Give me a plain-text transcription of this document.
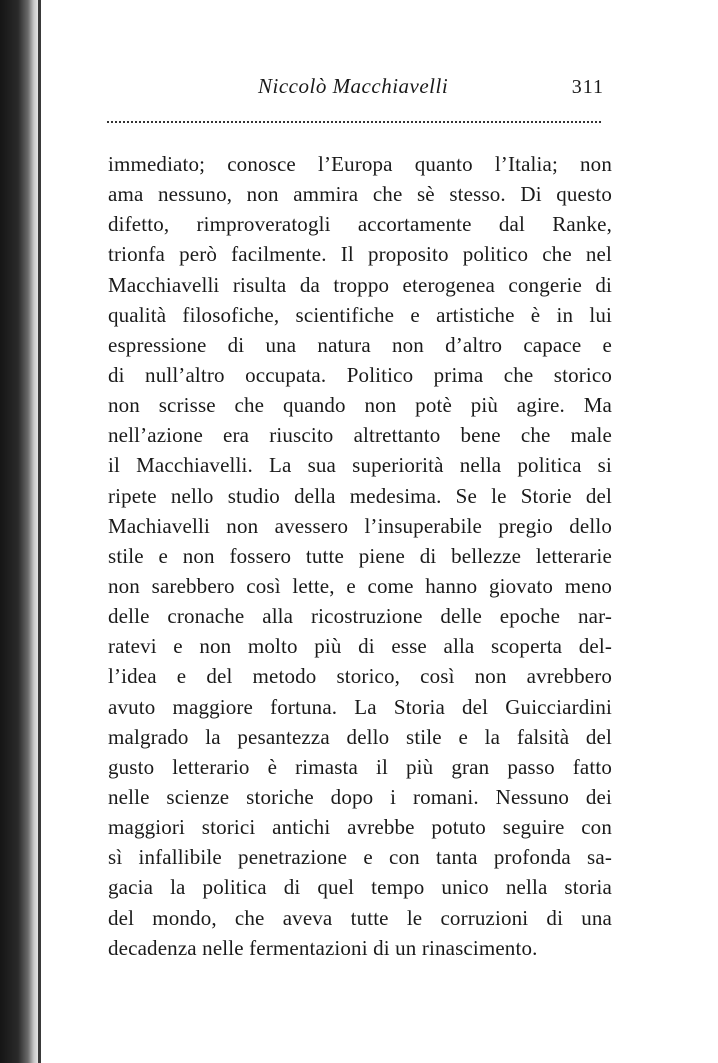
Niccolò Macchiavelli	311
immediato; conosce l’Europa quanto l’Italia; non
ama nessuno, non ammira che sè stesso. Di questo
difetto, rimproveratogli accortamente dal Ranke,
trionfa però facilmente. Il proposito politico che nel
Macchiavelli risulta da troppo eterogenea congerie di
qualità filosofiche, scientifiche e artistiche è in lui
espressione di una natura non d’altro capace e
di null’altro occupata. Politico prima che storico
non scrisse che quando non potè più agire. Ma
nell’azione era riuscito altrettanto bene che male
il Macchiavelli. La sua superiorità nella politica si
ripete nello studio della medesima. Se le Storie del
Machiavelli non avessero l’insuperabile pregio dello
stile e non fossero tutte piene di bellezze letterarie
non sarebbero così lette, e come hanno giovato meno
delle cronache alla ricostruzione delle epoche nar-
ratevi e non molto più di esse alla scoperta del-
l’idea e del metodo storico, così non avrebbero
avuto maggiore fortuna. La Storia del Guicciardini
malgrado la pesantezza dello stile e la falsità del
gusto letterario è rimasta il più gran passo fatto
nelle scienze storiche dopo i romani. Nessuno dei
maggiori storici antichi avrebbe potuto seguire con
sì infallibile penetrazione e con tanta profonda sa-
gacia la politica di quel tempo unico nella storia
del mondo, che aveva tutte le corruzioni di una
decadenza nelle fermentazioni di un rinascimento.
